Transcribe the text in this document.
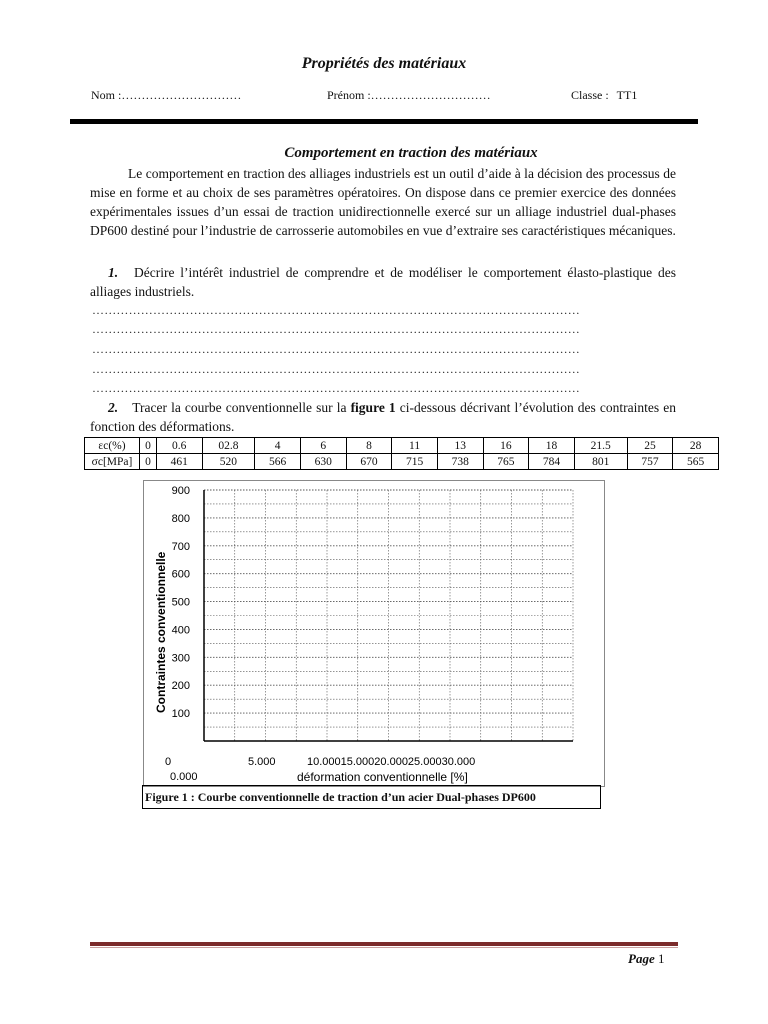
Propriétés des matériaux
Nom :…………………………	Prénom :…………………………	Classe : TT1
Comportement en traction des matériaux

Le comportement en traction des alliages industriels est un outil d’aide à la décision des processus de mise en forme et au choix de ses paramètres opératoires. On dispose dans ce premier exercice des données expérimentales issues d’un essai de traction unidirectionnelle exercé sur un alliage industriel dual-phases DP600 destiné pour l’industrie de carrosserie automobiles en vue d’extraire ses caractéristiques mécaniques.

1. Décrire l’intérêt industriel de comprendre et de modéliser le comportement élasto-plastique des alliages industriels.

…………………………………………………………………………………………………………
…………………………………………………………………………………………………………
…………………………………………………………………………………………………………
…………………………………………………………………………………………………………
…………………………………………………………………………………………………………

2. Tracer la courbe conventionnelle sur la figure 1 ci-dessous décrivant l’évolution des contraintes en fonction des déformations.

εc(%)	0	0.6	02.8	4	6	8	11	13	16	18	21.5	25	28
σc[MPa]	0	461	520	566	630	670	715	738	765	784	801	757	565
900
800
700
600
500
400
300
200
100
0
0.000
5.000	10.00015.00020.00025.00030.000
déformation conventionnelle [%]
Contraintes conventionnelle
Figure 1 : Courbe conventionnelle de traction d’un acier Dual-phases DP600
Page 1
